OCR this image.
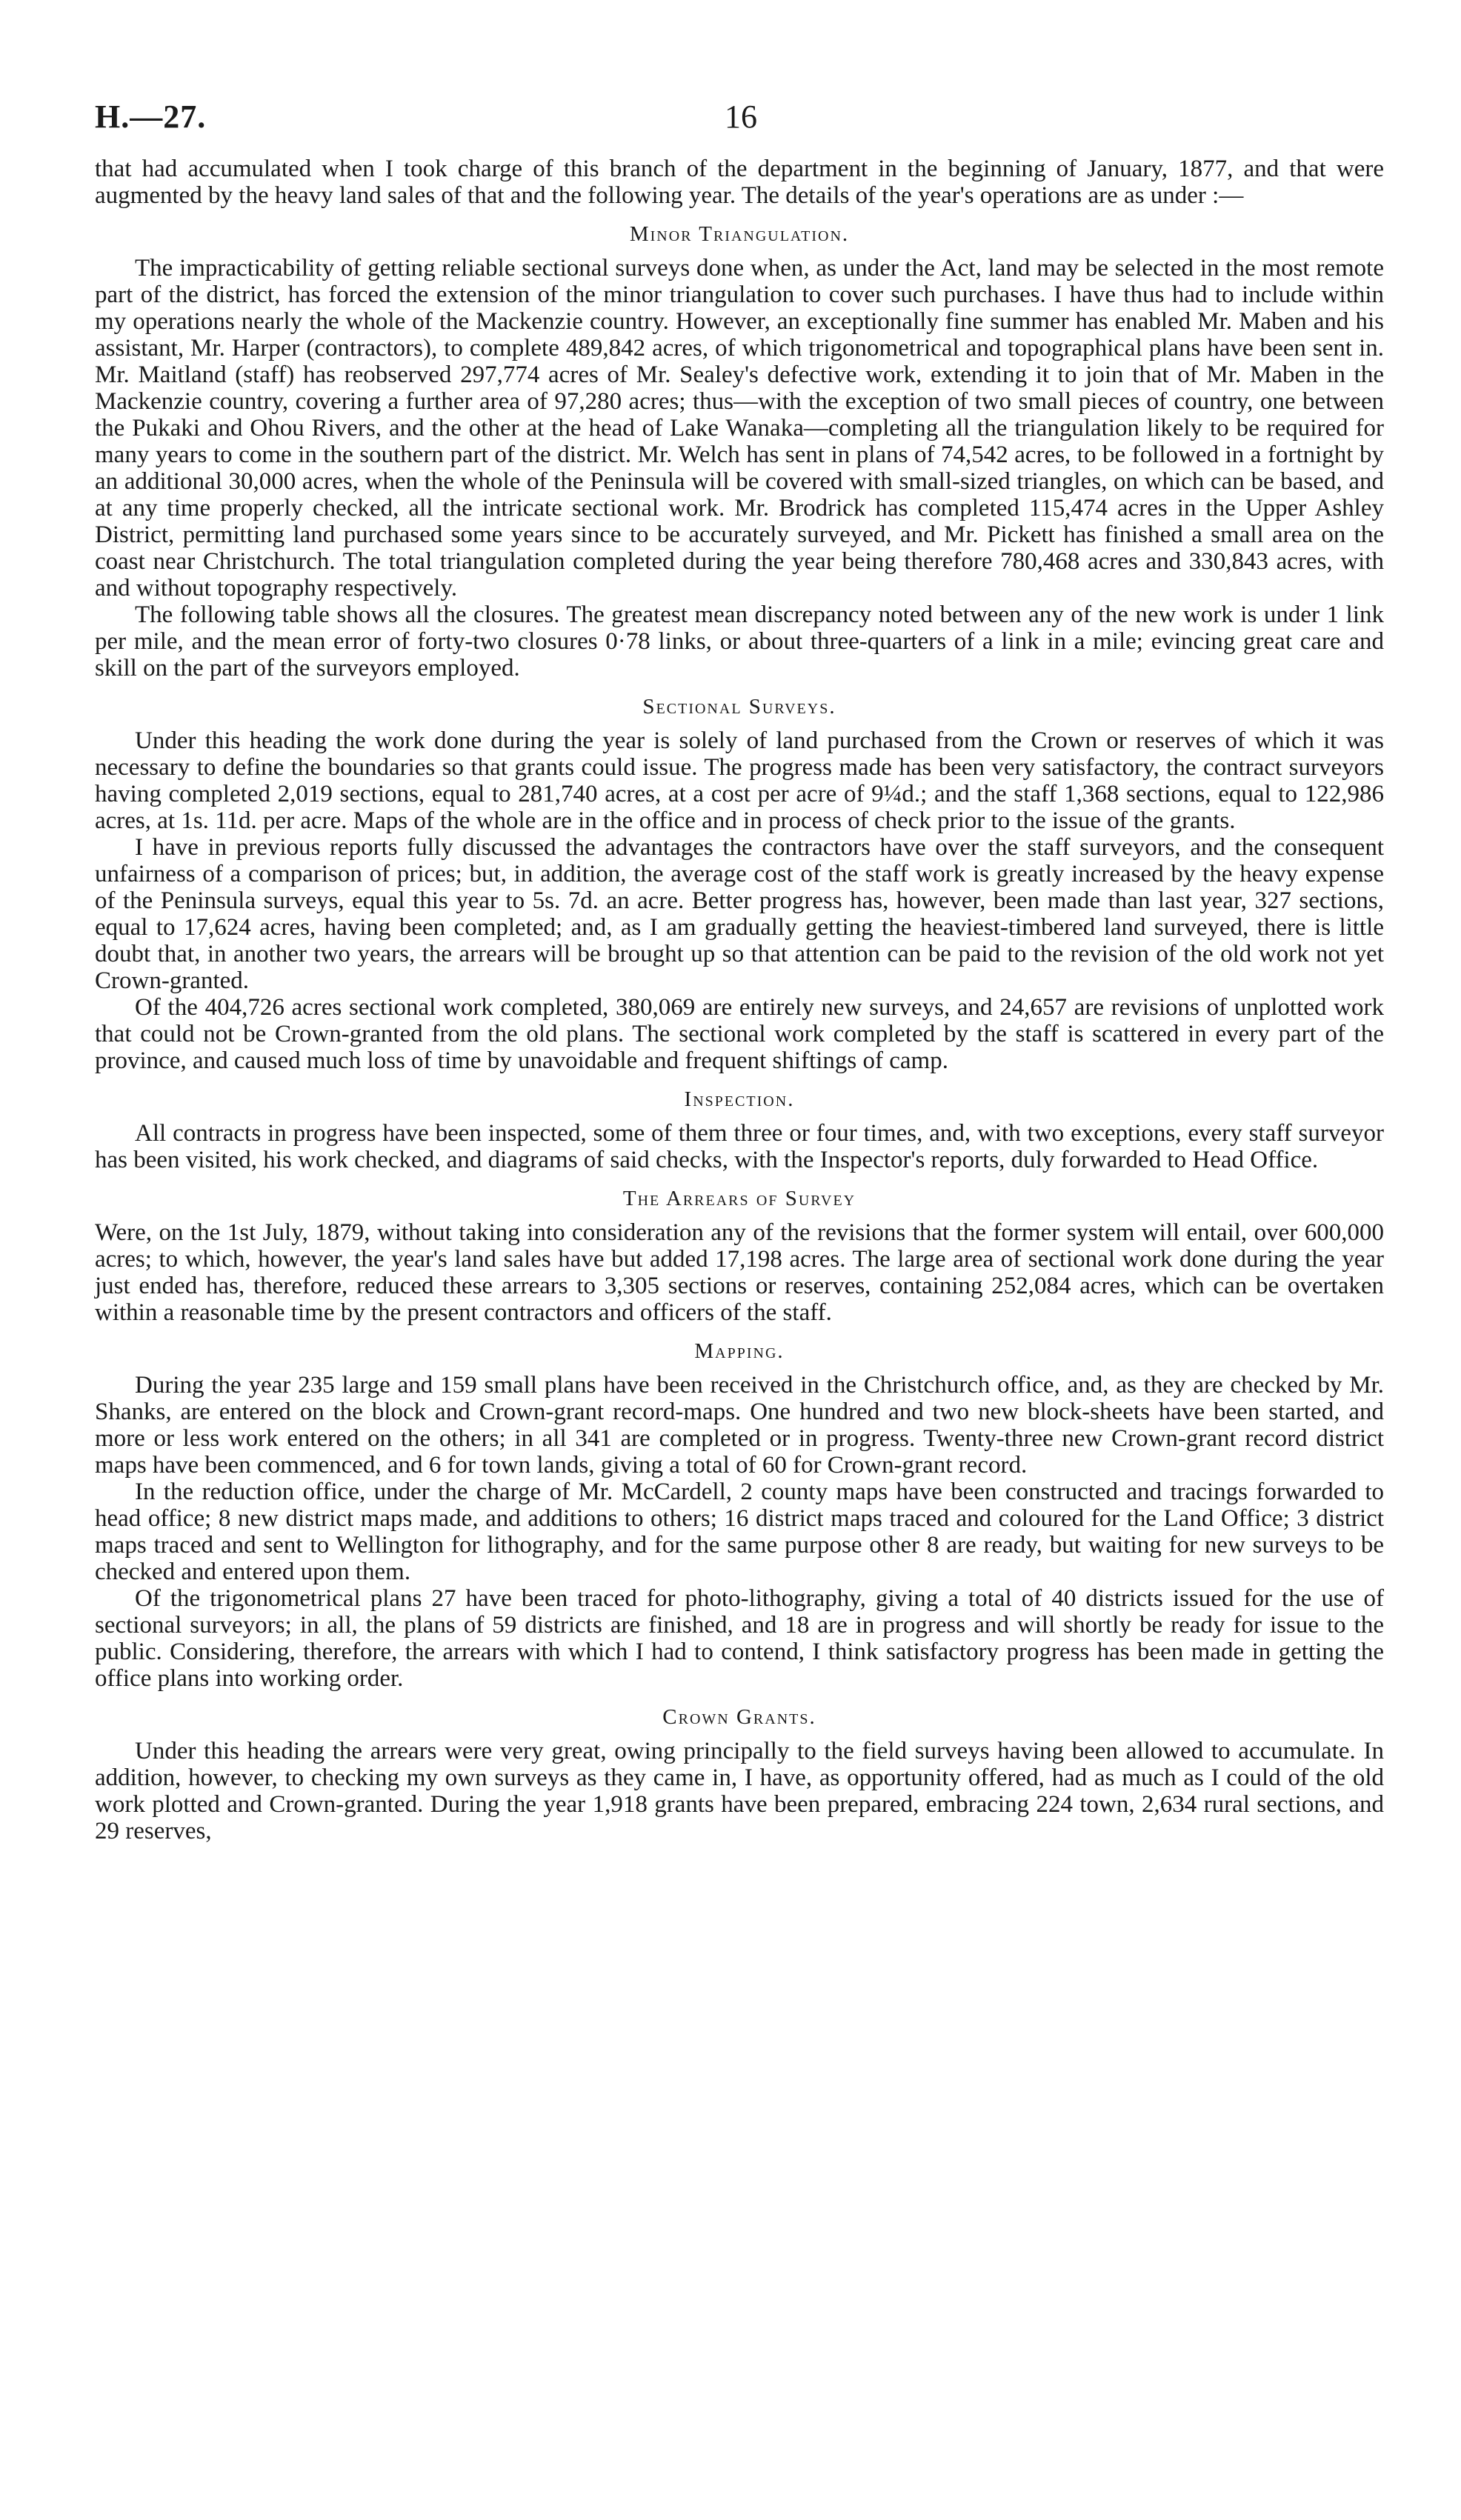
H.—27.	16

that had accumulated when I took charge of this branch of the department in the beginning of January, 1877, and that were augmented by the heavy land sales of that and the following year. The details of the year's operations are as under :—

Minor Triangulation.

The impracticability of getting reliable sectional surveys done when, as under the Act, land may be selected in the most remote part of the district, has forced the extension of the minor triangulation to cover such purchases. I have thus had to include within my operations nearly the whole of the Mackenzie country. However, an exceptionally fine summer has enabled Mr. Maben and his assistant, Mr. Harper (contractors), to complete 489,842 acres, of which trigonometrical and topographical plans have been sent in. Mr. Maitland (staff) has reobserved 297,774 acres of Mr. Sealey's defective work, extending it to join that of Mr. Maben in the Mackenzie country, covering a further area of 97,280 acres; thus—with the exception of two small pieces of country, one between the Pukaki and Ohou Rivers, and the other at the head of Lake Wanaka—completing all the triangulation likely to be required for many years to come in the southern part of the district. Mr. Welch has sent in plans of 74,542 acres, to be followed in a fortnight by an additional 30,000 acres, when the whole of the Peninsula will be covered with small-sized triangles, on which can be based, and at any time properly checked, all the intricate sectional work. Mr. Brodrick has completed 115,474 acres in the Upper Ashley District, permitting land purchased some years since to be accurately surveyed, and Mr. Pickett has finished a small area on the coast near Christchurch. The total triangulation completed during the year being therefore 780,468 acres and 330,843 acres, with and without topography respectively.

The following table shows all the closures. The greatest mean discrepancy noted between any of the new work is under 1 link per mile, and the mean error of forty-two closures 0·78 links, or about three-quarters of a link in a mile; evincing great care and skill on the part of the surveyors employed.

Sectional Surveys.

Under this heading the work done during the year is solely of land purchased from the Crown or reserves of which it was necessary to define the boundaries so that grants could issue. The progress made has been very satisfactory, the contract surveyors having completed 2,019 sections, equal to 281,740 acres, at a cost per acre of 9¼d.; and the staff 1,368 sections, equal to 122,986 acres, at 1s. 11d. per acre. Maps of the whole are in the office and in process of check prior to the issue of the grants.

I have in previous reports fully discussed the advantages the contractors have over the staff surveyors, and the consequent unfairness of a comparison of prices; but, in addition, the average cost of the staff work is greatly increased by the heavy expense of the Peninsula surveys, equal this year to 5s. 7d. an acre. Better progress has, however, been made than last year, 327 sections, equal to 17,624 acres, having been completed; and, as I am gradually getting the heaviest-timbered land surveyed, there is little doubt that, in another two years, the arrears will be brought up so that attention can be paid to the revision of the old work not yet Crown-granted.

Of the 404,726 acres sectional work completed, 380,069 are entirely new surveys, and 24,657 are revisions of unplotted work that could not be Crown-granted from the old plans. The sectional work completed by the staff is scattered in every part of the province, and caused much loss of time by unavoidable and frequent shiftings of camp.

Inspection.

All contracts in progress have been inspected, some of them three or four times, and, with two exceptions, every staff surveyor has been visited, his work checked, and diagrams of said checks, with the Inspector's reports, duly forwarded to Head Office.

The Arrears of Survey

Were, on the 1st July, 1879, without taking into consideration any of the revisions that the former system will entail, over 600,000 acres; to which, however, the year's land sales have but added 17,198 acres. The large area of sectional work done during the year just ended has, therefore, reduced these arrears to 3,305 sections or reserves, containing 252,084 acres, which can be overtaken within a reasonable time by the present contractors and officers of the staff.

Mapping.

During the year 235 large and 159 small plans have been received in the Christchurch office, and, as they are checked by Mr. Shanks, are entered on the block and Crown-grant record-maps. One hundred and two new block-sheets have been started, and more or less work entered on the others; in all 341 are completed or in progress. Twenty-three new Crown-grant record district maps have been commenced, and 6 for town lands, giving a total of 60 for Crown-grant record.

In the reduction office, under the charge of Mr. McCardell, 2 county maps have been constructed and tracings forwarded to head office; 8 new district maps made, and additions to others; 16 district maps traced and coloured for the Land Office; 3 district maps traced and sent to Wellington for lithography, and for the same purpose other 8 are ready, but waiting for new surveys to be checked and entered upon them.

Of the trigonometrical plans 27 have been traced for photo-lithography, giving a total of 40 districts issued for the use of sectional surveyors; in all, the plans of 59 districts are finished, and 18 are in progress and will shortly be ready for issue to the public. Considering, therefore, the arrears with which I had to contend, I think satisfactory progress has been made in getting the office plans into working order.

Crown Grants.

Under this heading the arrears were very great, owing principally to the field surveys having been allowed to accumulate. In addition, however, to checking my own surveys as they came in, I have, as opportunity offered, had as much as I could of the old work plotted and Crown-granted. During the year 1,918 grants have been prepared, embracing 224 town, 2,634 rural sections, and 29 reserves,
